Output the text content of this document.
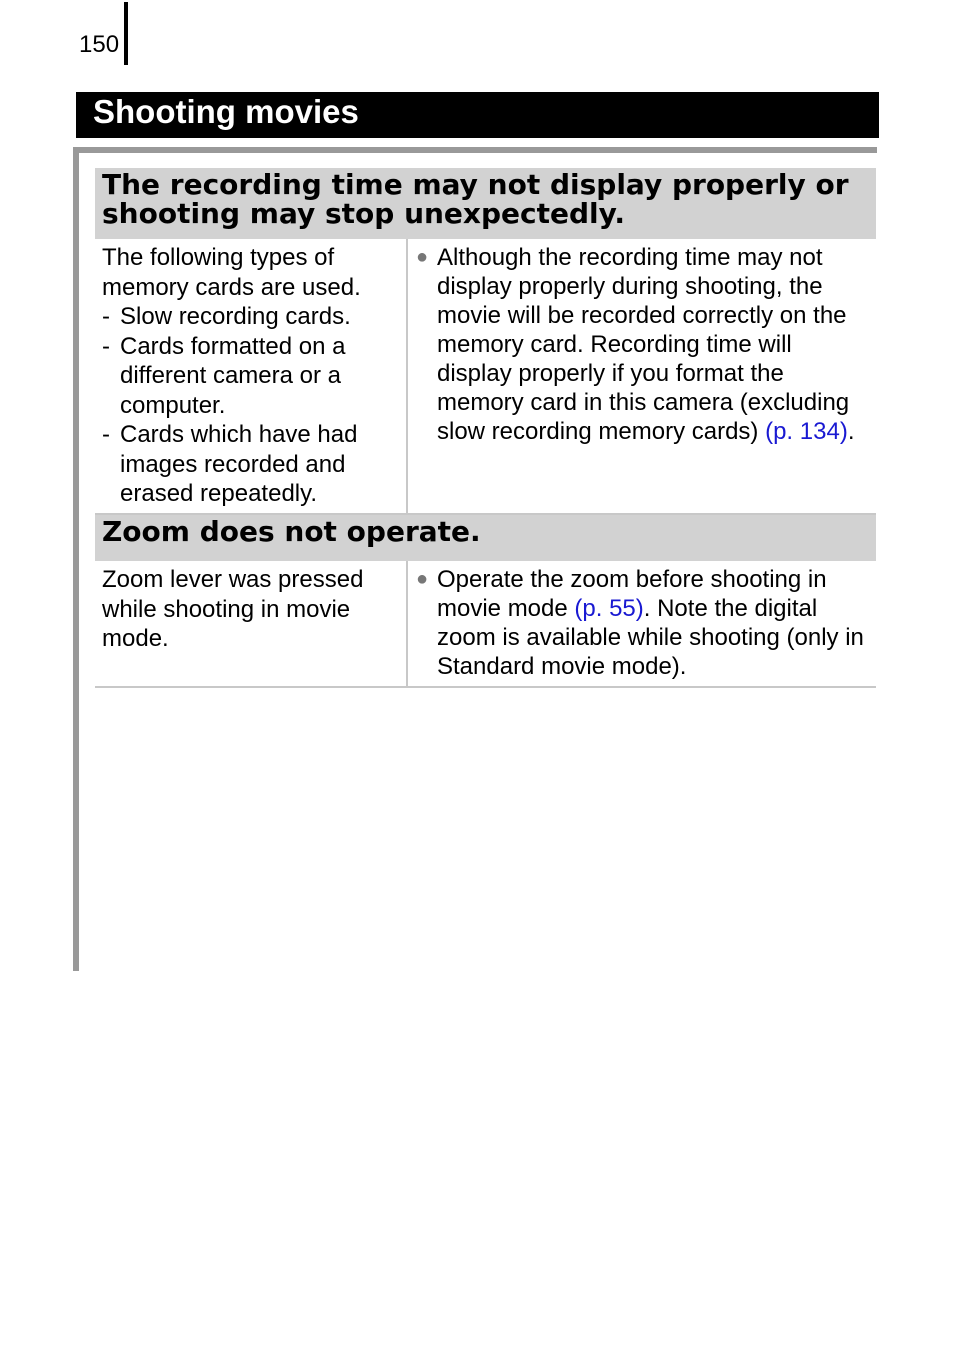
150
Shooting movies
The recording time may not display properly or
shooting may stop unexpectedly.
The following types of memory cards are used.
- Slow recording cards.
- Cards formatted on a different camera or a computer.
- Cards which have had images recorded and erased repeatedly.
● Although the recording time may not display properly during shooting, the movie will be recorded correctly on the memory card. Recording time will display properly if you format the memory card in this camera (excluding slow recording memory cards) (p. 134).
Zoom does not operate.
Zoom lever was pressed while shooting in movie mode.
● Operate the zoom before shooting in movie mode (p. 55). Note the digital zoom is available while shooting (only in Standard movie mode).
